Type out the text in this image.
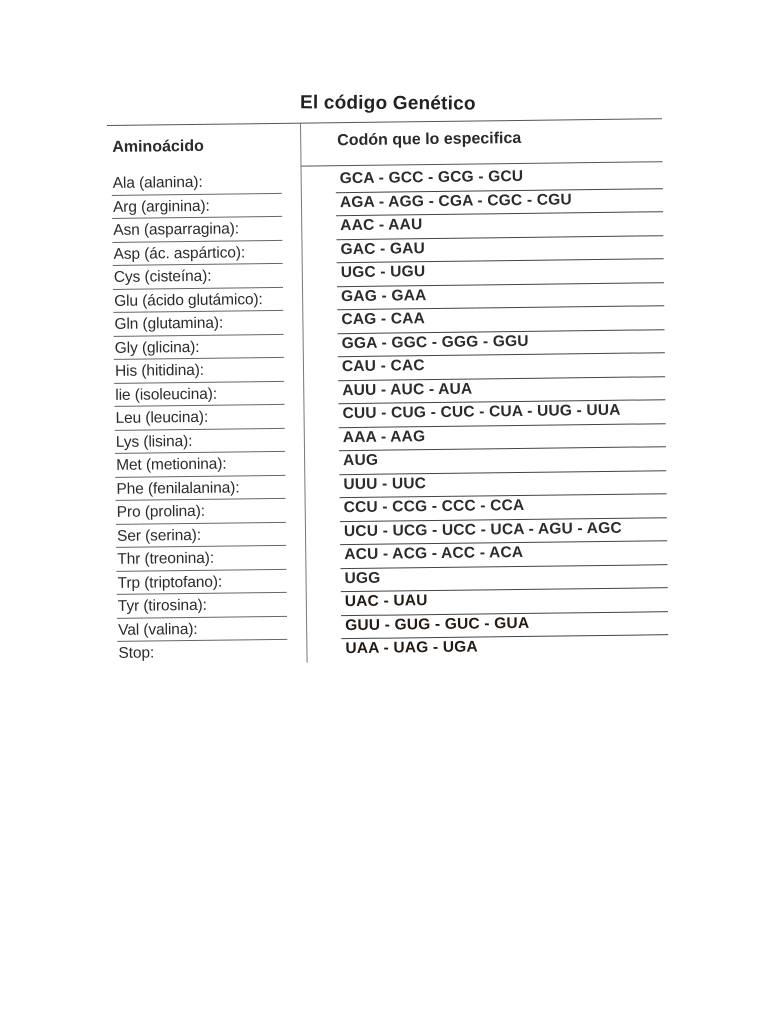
El código Genético
Aminoácido	Codón que lo especifica
Ala (alanina):	GCA - GCC - GCG - GCU
Arg (arginina):	AGA - AGG - CGA - CGC - CGU
Asn (asparragina):	AAC - AAU
Asp (ác. aspártico):	GAC - GAU
Cys (cisteína):	UGC - UGU
Glu (ácido glutámico):	GAG - GAA
Gln (glutamina):	CAG - CAA
Gly (glicina):	GGA - GGC - GGG - GGU
His (hitidina):	CAU - CAC
lie (isoleucina):	AUU - AUC - AUA
Leu (leucina):	CUU - CUG - CUC - CUA - UUG - UUA
Lys (lisina):	AAA - AAG
Met (metionina):	AUG
Phe (fenilalanina):	UUU - UUC
Pro (prolina):	CCU - CCG - CCC - CCA
Ser (serina):	UCU - UCG - UCC - UCA - AGU - AGC
Thr (treonina):	ACU - ACG - ACC - ACA
Trp (triptofano):	UGG
Tyr (tirosina):	UAC - UAU
Val (valina):	GUU - GUG - GUC - GUA
Stop:	UAA - UAG - UGA
